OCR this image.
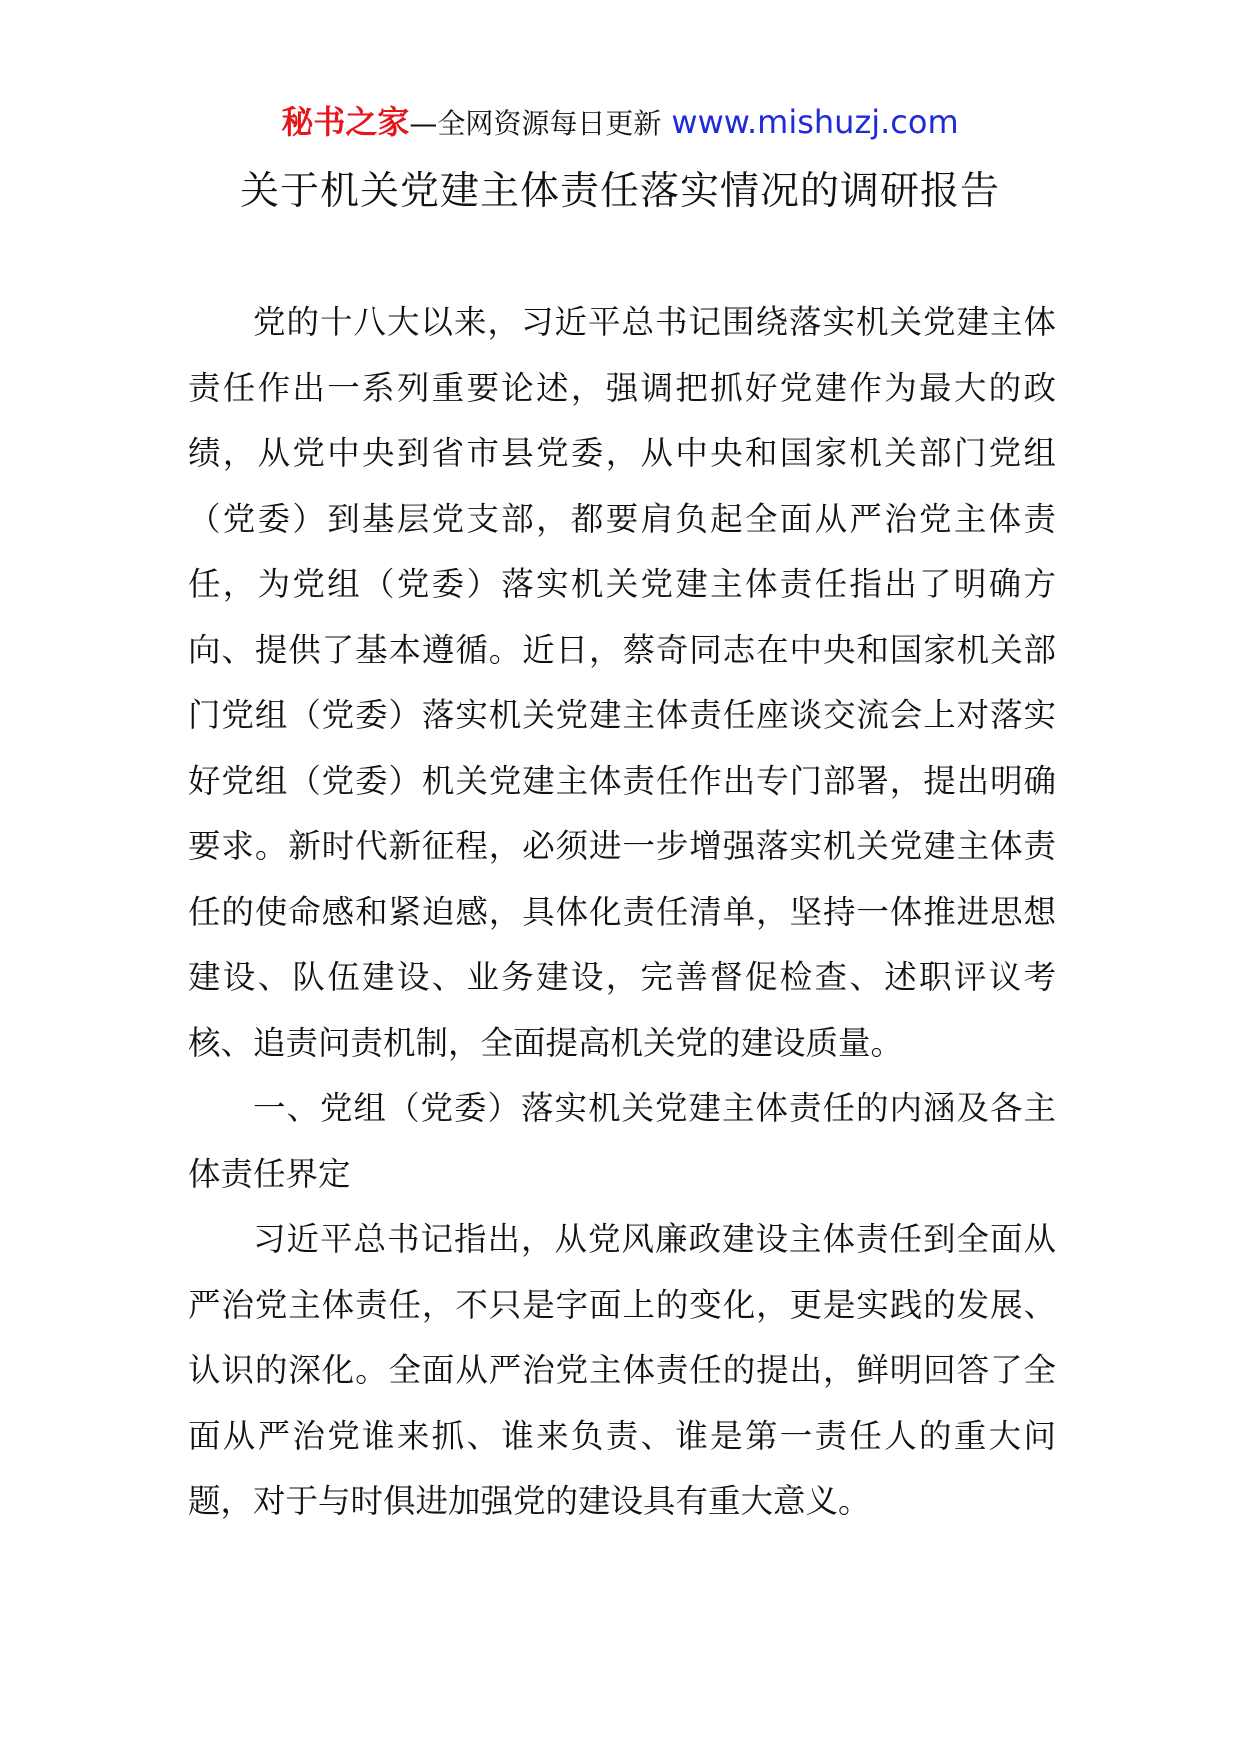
秘书之家—全网资源每日更新 www.mishuzj.com
关于机关党建主体责任落实情况的调研报告

党的十八大以来，习近平总书记围绕落实机关党建主体责任作出一系列重要论述，强调把抓好党建作为最大的政绩，从党中央到省市县党委，从中央和国家机关部门党组（党委）到基层党支部，都要肩负起全面从严治党主体责任，为党组（党委）落实机关党建主体责任指出了明确方向、提供了基本遵循。近日，蔡奇同志在中央和国家机关部门党组（党委）落实机关党建主体责任座谈交流会上对落实好党组（党委）机关党建主体责任作出专门部署，提出明确要求。新时代新征程，必须进一步增强落实机关党建主体责任的使命感和紧迫感，具体化责任清单，坚持一体推进思想建设、队伍建设、业务建设，完善督促检查、述职评议考核、追责问责机制，全面提高机关党的建设质量。

一、党组（党委）落实机关党建主体责任的内涵及各主体责任界定

习近平总书记指出，从党风廉政建设主体责任到全面从严治党主体责任，不只是字面上的变化，更是实践的发展、认识的深化。全面从严治党主体责任的提出，鲜明回答了全面从严治党谁来抓、谁来负责、谁是第一责任人的重大问题，对于与时俱进加强党的建设具有重大意义。
